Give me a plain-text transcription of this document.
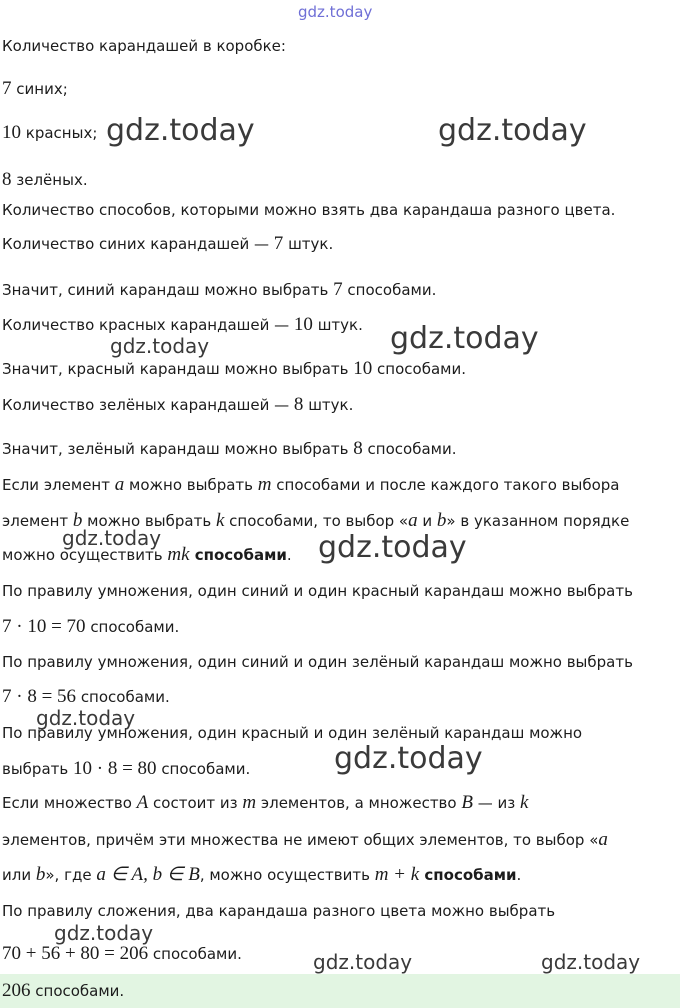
gdz.today
gdz.today	gdz.today
gdz.today	gdz.today
gdz.today	gdz.today
gdz.today
gdz.today
gdz.today
gdz.today	gdz.today
Количество карандашей в коробке:
7 синих;
10 красных;
8 зелёных.
Количество способов, которыми можно взять два карандаша разного цвета.
Количество синих карандашей — 7 штук.
Значит, синий карандаш можно выбрать 7 способами.
Количество красных карандашей — 10 штук.
Значит, красный карандаш можно выбрать 10 способами.
Количество зелёных карандашей — 8 штук.
Значит, зелёный карандаш можно выбрать 8 способами.
Если элемент a можно выбрать m способами и после каждого такого выбора
элемент b можно выбрать k способами, то выбор «a и b» в указанном порядке
можно осуществить mk способами.
По правилу умножения, один синий и один красный карандаш можно выбрать
7 · 10 = 70 способами.
По правилу умножения, один синий и один зелёный карандаш можно выбрать
7 · 8 = 56 способами.
По правилу умножения, один красный и один зелёный карандаш можно
выбрать 10 · 8 = 80 способами.
Если множество A состоит из m элементов, а множество B — из k
элементов, причём эти множества не имеют общих элементов, то выбор «a
или b», где a ∈ A, b ∈ B, можно осуществить m + k способами.
По правилу сложения, два карандаша разного цвета можно выбрать
70 + 56 + 80 = 206 способами.
206 способами.
